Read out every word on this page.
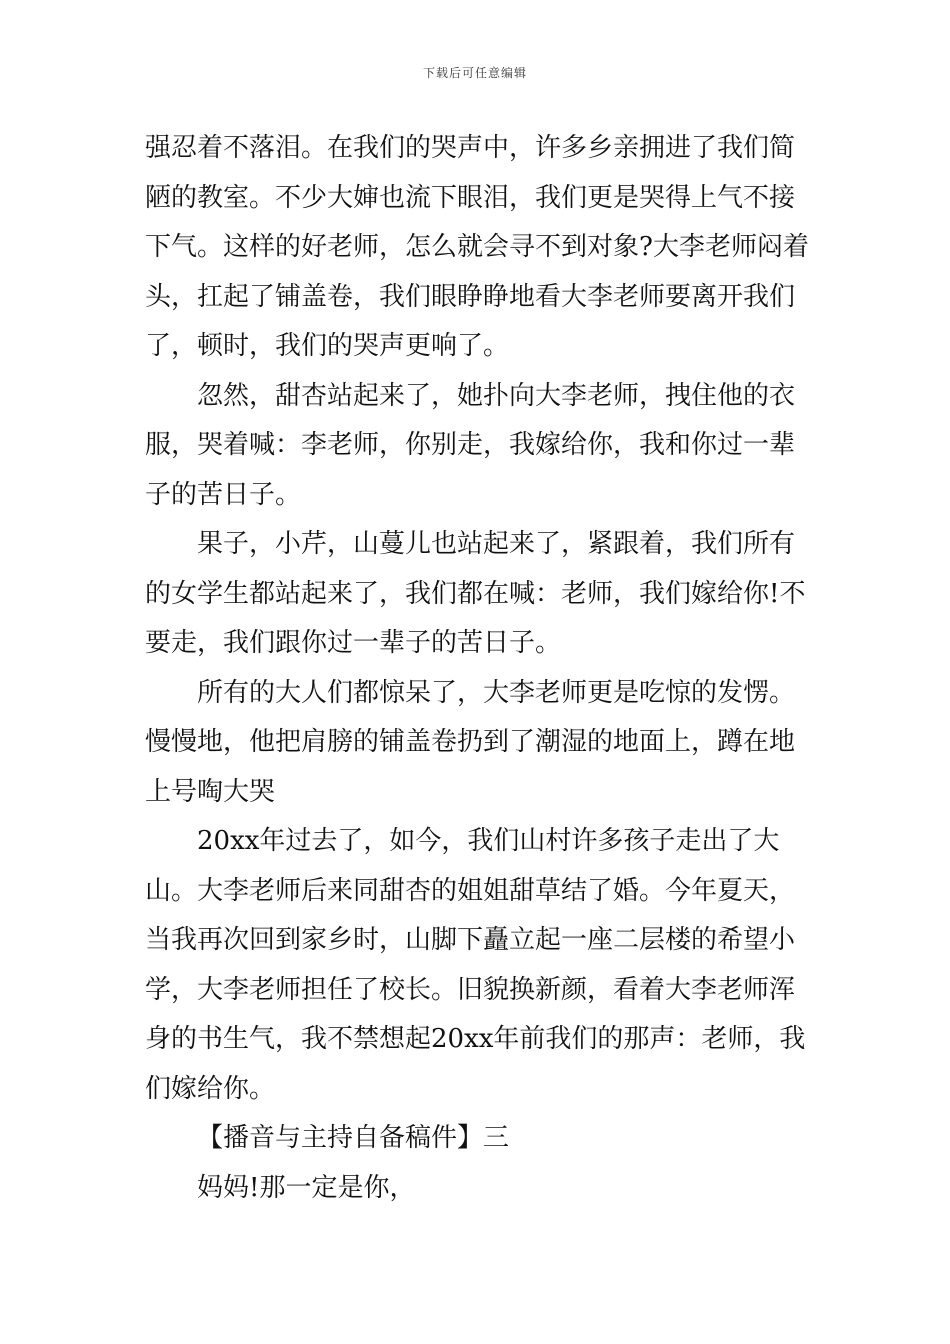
下载后可任意编辑

强忍着不落泪。在我们的哭声中，许多乡亲拥进了我们简陋的教室。不少大婶也流下眼泪，我们更是哭得上气不接下气。这样的好老师，怎么就会寻不到对象?大李老师闷着头，扛起了铺盖卷，我们眼睁睁地看大李老师要离开我们了，顿时，我们的哭声更响了。

忽然，甜杏站起来了，她扑向大李老师，拽住他的衣服，哭着喊：李老师，你别走，我嫁给你，我和你过一辈子的苦日子。

果子，小芹，山蔓儿也站起来了，紧跟着，我们所有的女学生都站起来了，我们都在喊：老师，我们嫁给你!不要走，我们跟你过一辈子的苦日子。

所有的大人们都惊呆了，大李老师更是吃惊的发愣。慢慢地，他把肩膀的铺盖卷扔到了潮湿的地面上，蹲在地上号啕大哭

20xx年过去了，如今，我们山村许多孩子走出了大山。大李老师后来同甜杏的姐姐甜草结了婚。今年夏天，当我再次回到家乡时，山脚下矗立起一座二层楼的希望小学，大李老师担任了校长。旧貌换新颜，看着大李老师浑身的书生气，我不禁想起20xx年前我们的那声：老师，我们嫁给你。

【播音与主持自备稿件】三

妈妈!那一定是你，
